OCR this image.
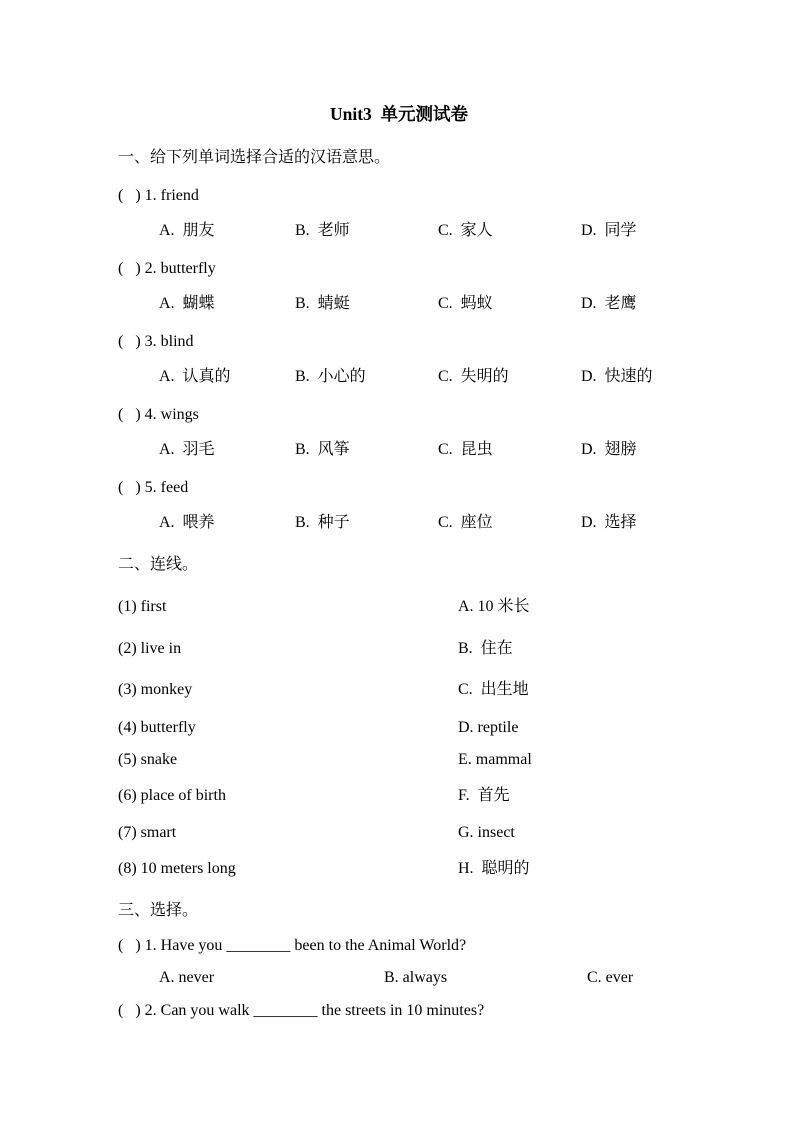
Unit3  单元测试卷
一、给下列单词选择合适的汉语意思。
(   ) 1. friend
A.  朋友	B.  老师	C.  家人	D.  同学
(   ) 2. butterfly
A.  蝴蝶	B.  蜻蜓	C.  蚂蚁	D.  老鹰
(   ) 3. blind
A.  认真的	B.  小心的	C.  失明的	D.  快速的
(   ) 4. wings
A.  羽毛	B.  风筝	C.  昆虫	D.  翅膀
(   ) 5. feed
A.  喂养	B.  种子	C.  座位	D.  选择
二、连线。
(1) first	A. 10 米长
(2) live in	B.  住在
(3) monkey	C.  出生地
(4) butterfly	D. reptile
(5) snake	E. mammal
(6) place of birth	F.  首先
(7) smart	G. insect
(8) 10 meters long	H.  聪明的
三、选择。
(   ) 1. Have you ________ been to the Animal World?
A. never	B. always	C. ever
(   ) 2. Can you walk ________ the streets in 10 minutes?
